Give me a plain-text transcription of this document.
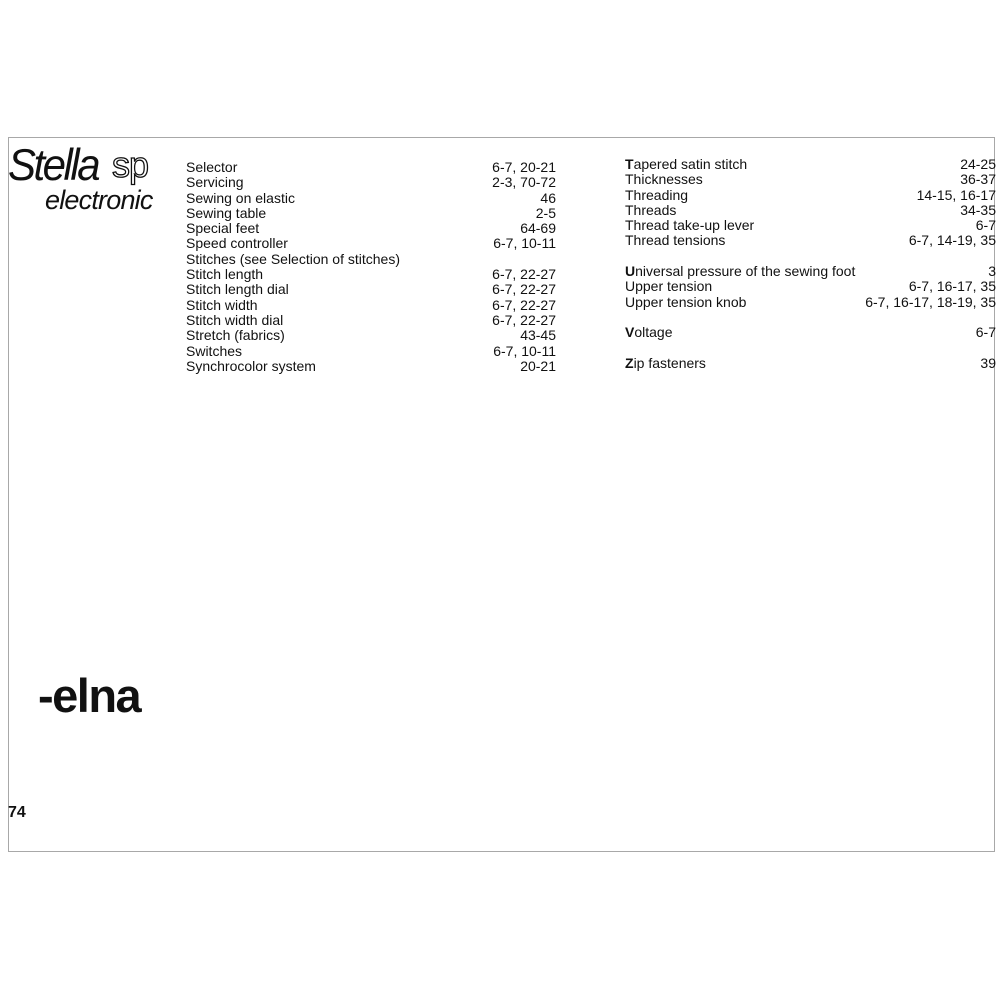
Stella sp
electronic
-elna
74
Selector	6-7, 20-21
Servicing	2-3, 70-72
Sewing on elastic	46
Sewing table	2-5
Special feet	64-69
Speed controller	6-7, 10-11
Stitches (see Selection of stitches)
Stitch length	6-7, 22-27
Stitch length dial	6-7, 22-27
Stitch width	6-7, 22-27
Stitch width dial	6-7, 22-27
Stretch (fabrics)	43-45
Switches	6-7, 10-11
Synchrocolor system	20-21
Tapered satin stitch	24-25
Thicknesses	36-37
Threading	14-15, 16-17
Threads	34-35
Thread take-up lever	6-7
Thread tensions	6-7, 14-19, 35
Universal pressure of the sewing foot	3
Upper tension	6-7, 16-17, 35
Upper tension knob	6-7, 16-17, 18-19, 35
Voltage	6-7
Zip fasteners	39
